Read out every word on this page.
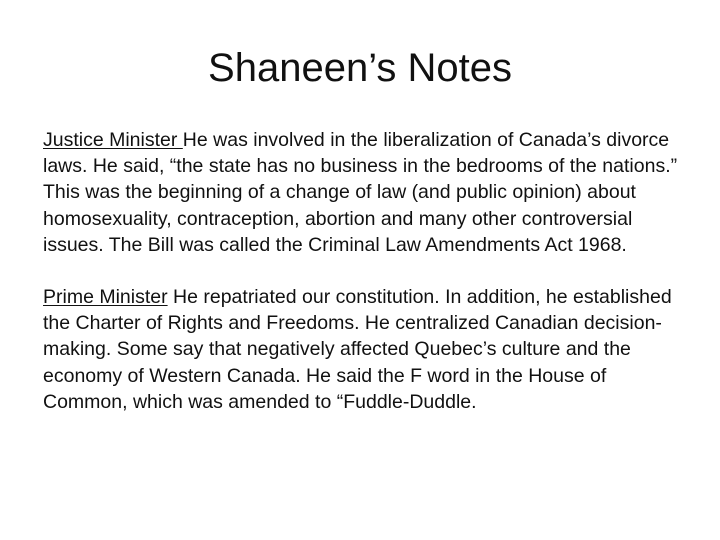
Shaneen’s Notes

Justice Minister He was involved in the liberalization of Canada’s divorce laws. He said, “the state has no business in the bedrooms of the nations.” This was the beginning of a change of law (and public opinion) about homosexuality, contraception, abortion and many other controversial issues. The Bill was called the Criminal Law Amendments Act 1968.

Prime Minister He repatriated our constitution. In addition, he established the Charter of Rights and Freedoms. He centralized Canadian decision-making. Some say that negatively affected Quebec’s culture and the economy of Western Canada. He said the F word in the House of Common, which was amended to “Fuddle-Duddle.
